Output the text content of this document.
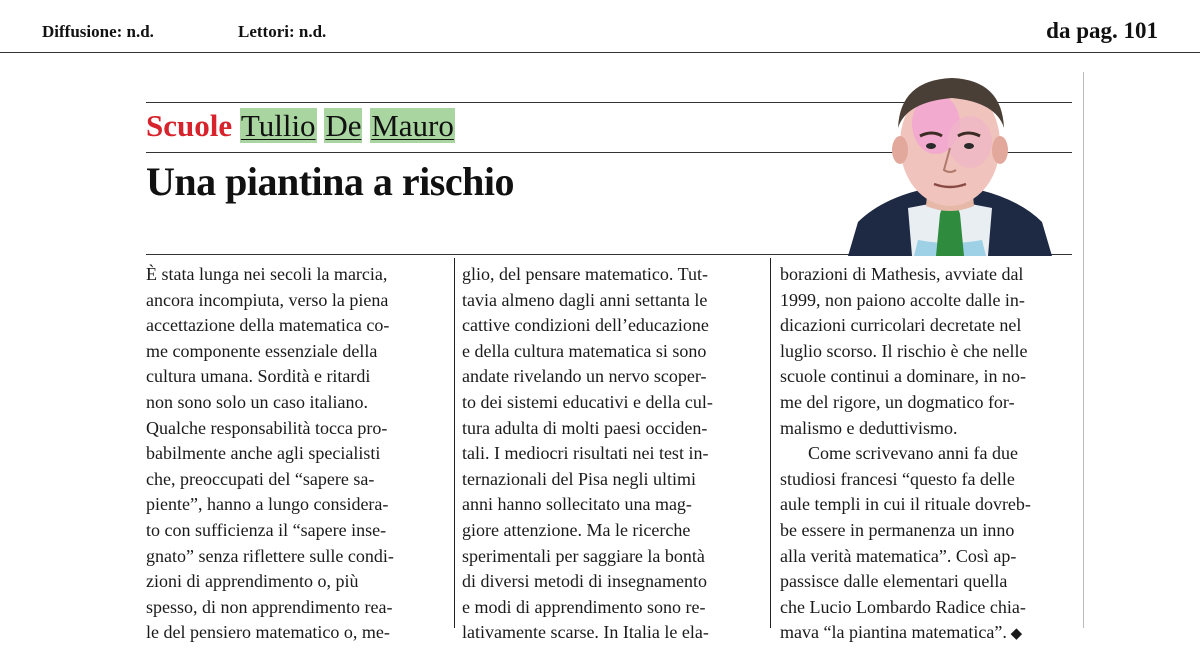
Diffusione: n.d.	Lettori: n.d.	da pag. 101
Scuole Tullio De Mauro
Una piantina a rischio
È stata lunga nei secoli la marcia,
ancora incompiuta, verso la piena
accettazione della matematica co-
me componente essenziale della
cultura umana. Sordità e ritardi
non sono solo un caso italiano.
Qualche responsabilità tocca pro-
babilmente anche agli specialisti
che, preoccupati del “sapere sa-
piente”, hanno a lungo considera-
to con sufficienza il “sapere inse-
gnato” senza riflettere sulle condi-
zioni di apprendimento o, più
spesso, di non apprendimento rea-
le del pensiero matematico o, me-
glio, del pensare matematico. Tut-
tavia almeno dagli anni settanta le
cattive condizioni dell’educazione
e della cultura matematica si sono
andate rivelando un nervo scoper-
to dei sistemi educativi e della cul-
tura adulta di molti paesi occiden-
tali. I mediocri risultati nei test in-
ternazionali del Pisa negli ultimi
anni hanno sollecitato una mag-
giore attenzione. Ma le ricerche
sperimentali per saggiare la bontà
di diversi metodi di insegnamento
e modi di apprendimento sono re-
lativamente scarse. In Italia le ela-
borazioni di Mathesis, avviate dal
1999, non paiono accolte dalle in-
dicazioni curricolari decretate nel
luglio scorso. Il rischio è che nelle
scuole continui a dominare, in no-
me del rigore, un dogmatico for-
malismo e deduttivismo.
Come scrivevano anni fa due
studiosi francesi “questo fa delle
aule templi in cui il rituale dovreb-
be essere in permanenza un inno
alla verità matematica”. Così ap-
passisce dalle elementari quella
che Lucio Lombardo Radice chia-
mava “la piantina matematica”. ◆
